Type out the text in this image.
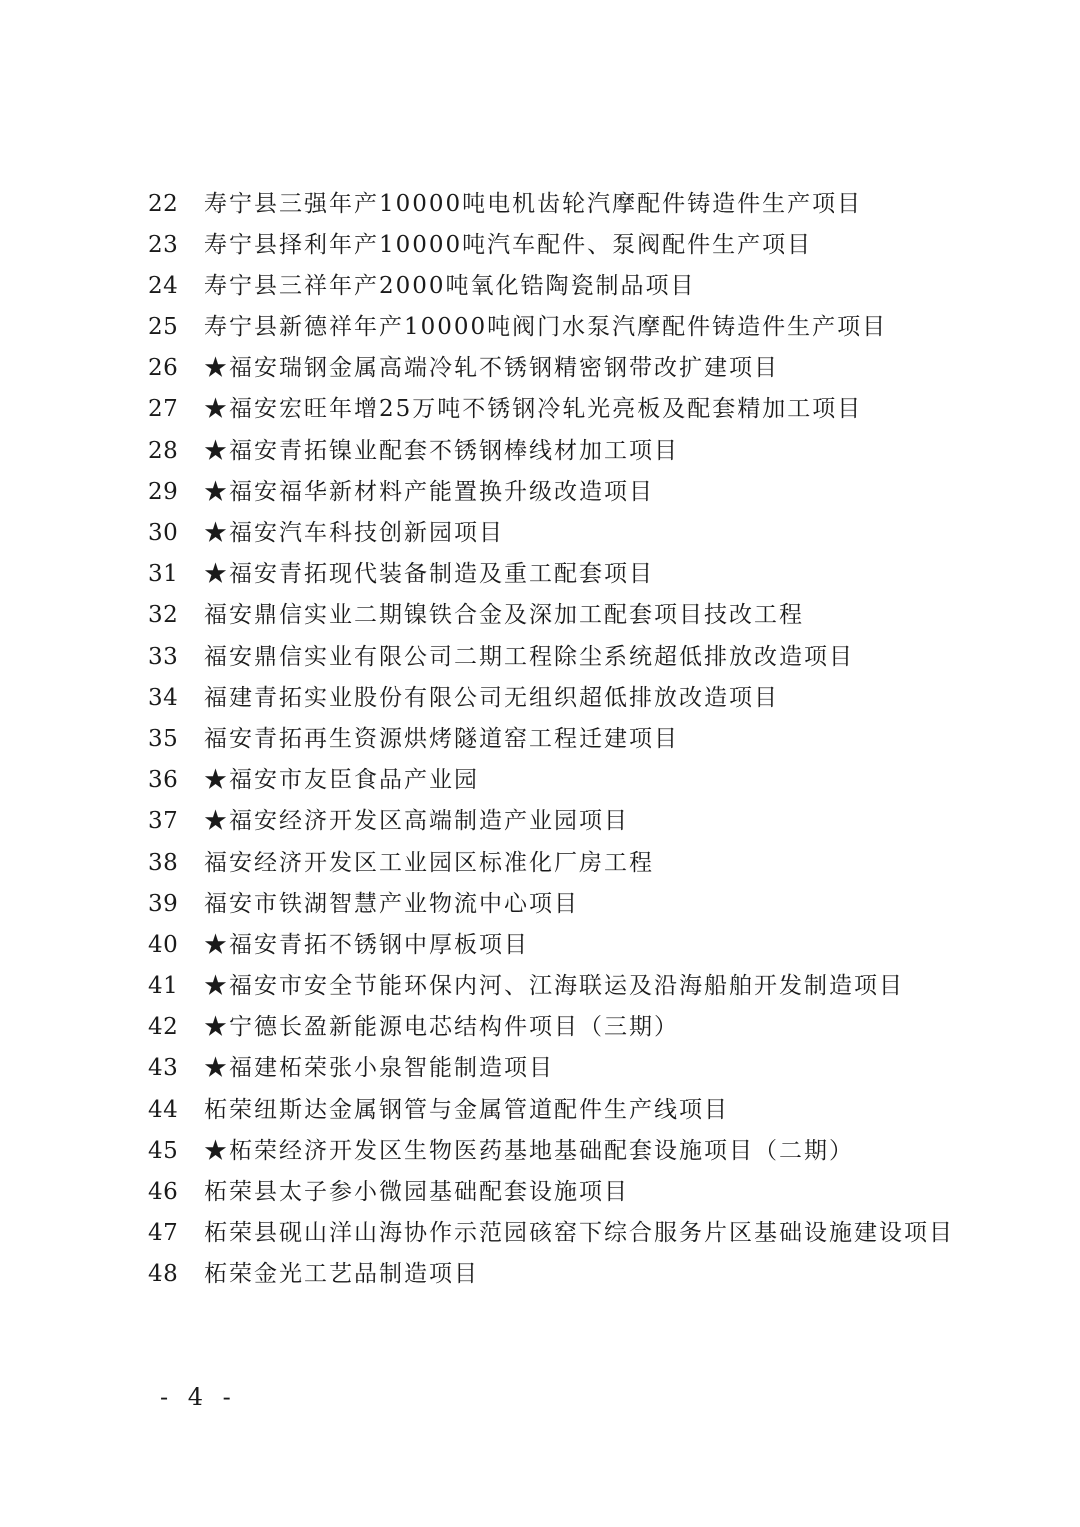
22	寿宁县三强年产10000吨电机齿轮汽摩配件铸造件生产项目
23	寿宁县择利年产10000吨汽车配件、泵阀配件生产项目
24	寿宁县三祥年产2000吨氧化锆陶瓷制品项目
25	寿宁县新德祥年产10000吨阀门水泵汽摩配件铸造件生产项目
26	★福安瑞钢金属高端冷轧不锈钢精密钢带改扩建项目
27	★福安宏旺年增25万吨不锈钢冷轧光亮板及配套精加工项目
28	★福安青拓镍业配套不锈钢棒线材加工项目
29	★福安福华新材料产能置换升级改造项目
30	★福安汽车科技创新园项目
31	★福安青拓现代装备制造及重工配套项目
32	福安鼎信实业二期镍铁合金及深加工配套项目技改工程
33	福安鼎信实业有限公司二期工程除尘系统超低排放改造项目
34	福建青拓实业股份有限公司无组织超低排放改造项目
35	福安青拓再生资源烘烤隧道窑工程迁建项目
36	★福安市友臣食品产业园
37	★福安经济开发区高端制造产业园项目
38	福安经济开发区工业园区标准化厂房工程
39	福安市铁湖智慧产业物流中心项目
40	★福安青拓不锈钢中厚板项目
41	★福安市安全节能环保内河、江海联运及沿海船舶开发制造项目
42	★宁德长盈新能源电芯结构件项目（三期）
43	★福建柘荣张小泉智能制造项目
44	柘荣纽斯达金属钢管与金属管道配件生产线项目
45	★柘荣经济开发区生物医药基地基础配套设施项目（二期）
46	柘荣县太子参小微园基础配套设施项目
47	柘荣县砚山洋山海协作示范园硋窑下综合服务片区基础设施建设项目
48	柘荣金光工艺品制造项目
- 4 -
